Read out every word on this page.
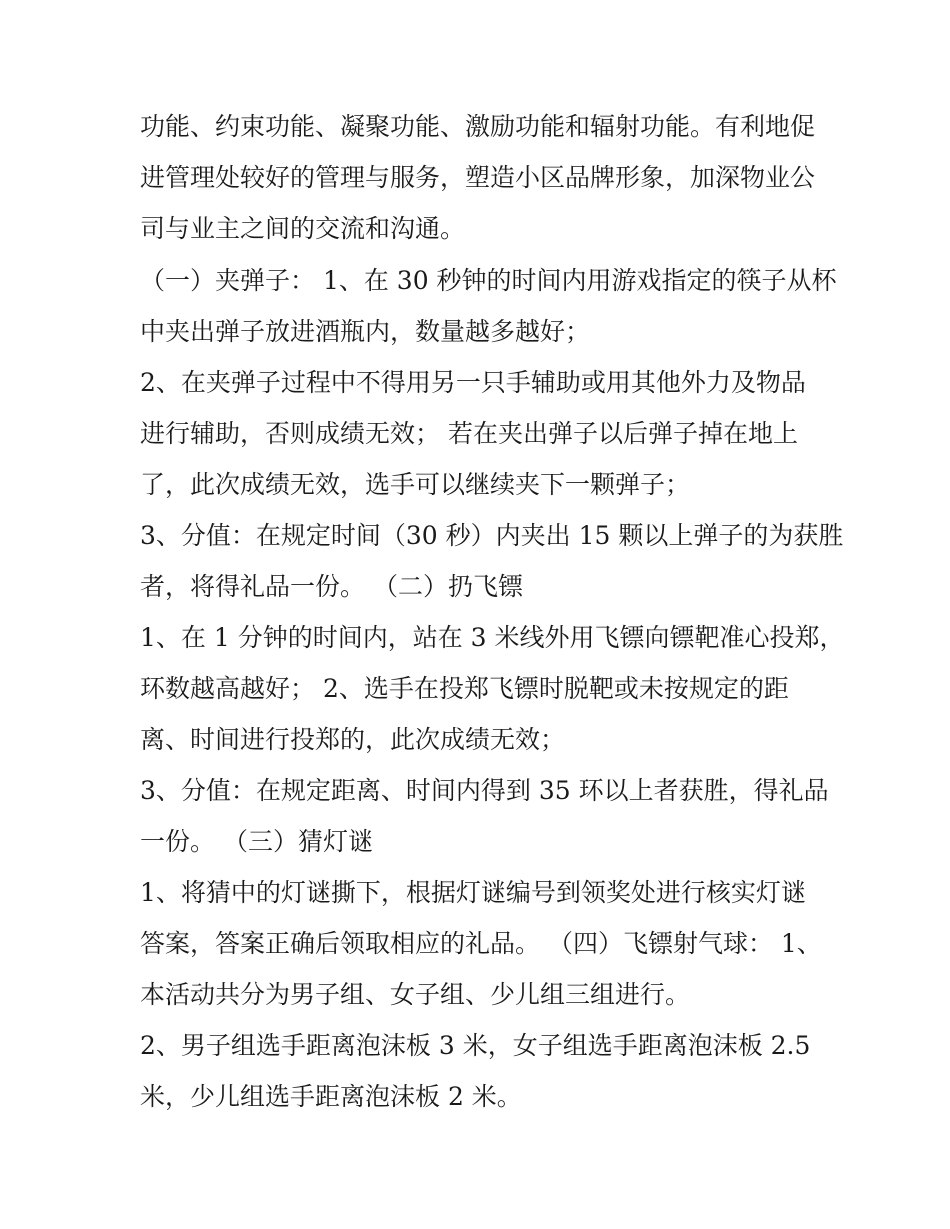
功能、约束功能、凝聚功能、激励功能和辐射功能。有利地促

进管理处较好的管理与服务，塑造小区品牌形象，加深物业公

司与业主之间的交流和沟通。

（一）夹弹子： 1、在 30 秒钟的时间内用游戏指定的筷子从杯

中夹出弹子放进酒瓶内，数量越多越好；

2、在夹弹子过程中不得用另一只手辅助或用其他外力及物品

进行辅助，否则成绩无效； 若在夹出弹子以后弹子掉在地上

了，此次成绩无效，选手可以继续夹下一颗弹子；

3、分值：在规定时间（30 秒）内夹出 15 颗以上弹子的为获胜

者，将得礼品一份。 （二）扔飞镖

1、在 1 分钟的时间内，站在 3 米线外用飞镖向镖靶准心投郑，

环数越高越好； 2、选手在投郑飞镖时脱靶或未按规定的距

离、时间进行投郑的，此次成绩无效；

3、分值：在规定距离、时间内得到 35 环以上者获胜，得礼品

一份。 （三）猜灯谜

1、将猜中的灯谜撕下，根据灯谜编号到领奖处进行核实灯谜

答案，答案正确后领取相应的礼品。 （四）飞镖射气球： 1、

本活动共分为男子组、女子组、少儿组三组进行。

2、男子组选手距离泡沫板 3 米，女子组选手距离泡沫板 2.5

米，少儿组选手距离泡沫板 2 米。
